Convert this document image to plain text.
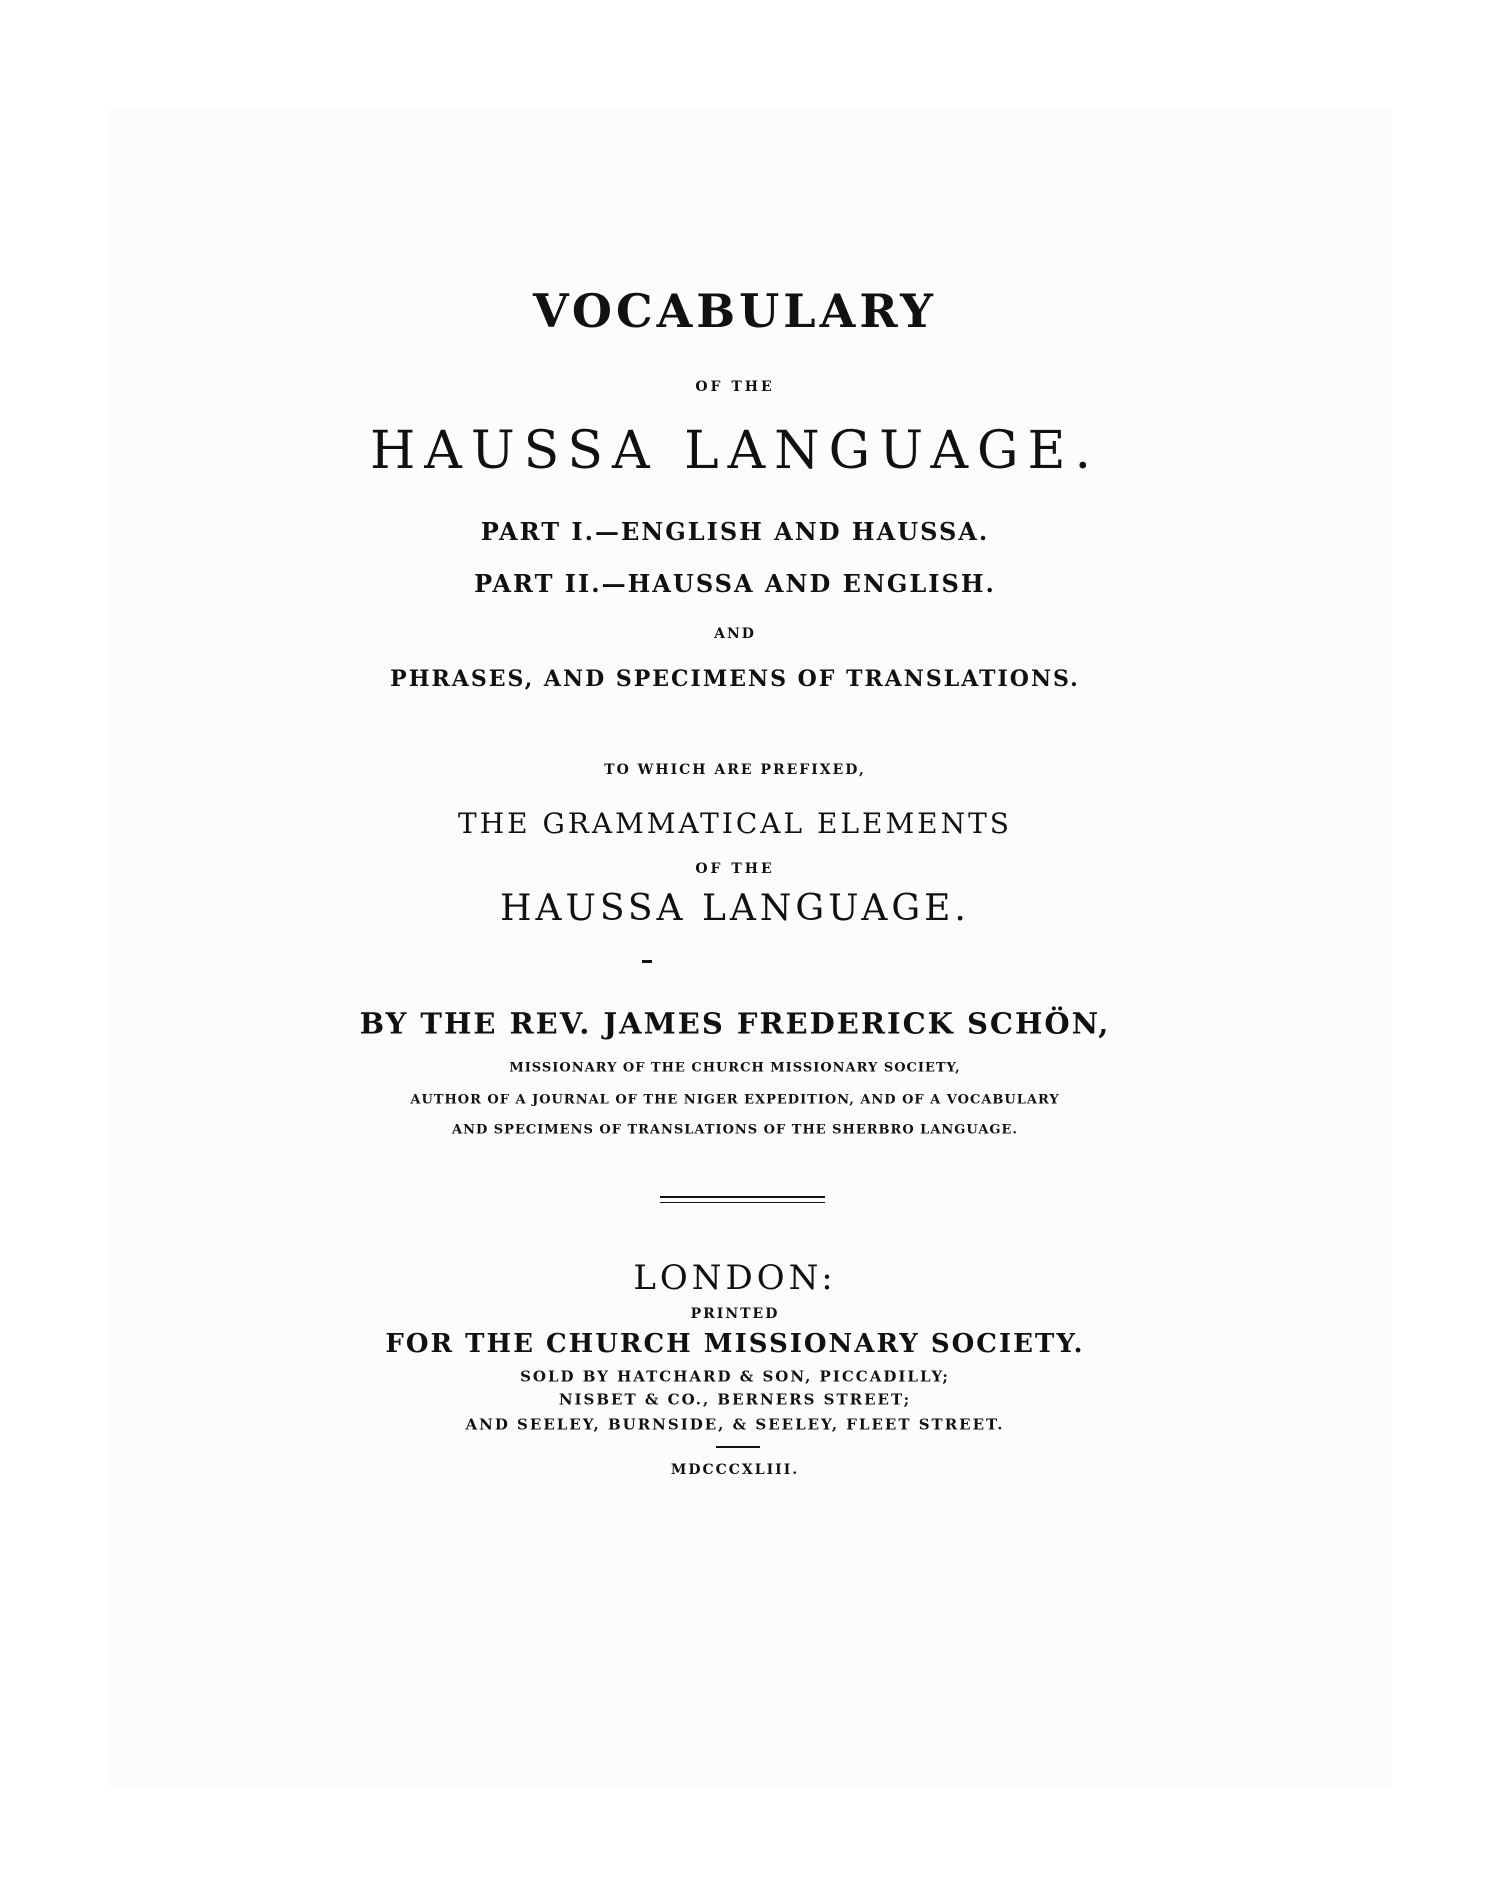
VOCABULARY
OF THE
HAUSSA LANGUAGE.
PART I.—ENGLISH AND HAUSSA.
PART II.—HAUSSA AND ENGLISH.
AND
PHRASES, AND SPECIMENS OF TRANSLATIONS.
TO WHICH ARE PREFIXED,
THE GRAMMATICAL ELEMENTS
OF THE
HAUSSA LANGUAGE.
BY THE REV. JAMES FREDERICK SCHÖN,
MISSIONARY OF THE CHURCH MISSIONARY SOCIETY,
AUTHOR OF A JOURNAL OF THE NIGER EXPEDITION, AND OF A VOCABULARY
AND SPECIMENS OF TRANSLATIONS OF THE SHERBRO LANGUAGE.
LONDON:
PRINTED
FOR THE CHURCH MISSIONARY SOCIETY.
SOLD BY HATCHARD & SON, PICCADILLY;
NISBET & CO., BERNERS STREET;
AND SEELEY, BURNSIDE, & SEELEY, FLEET STREET.
MDCCCXLIII.
